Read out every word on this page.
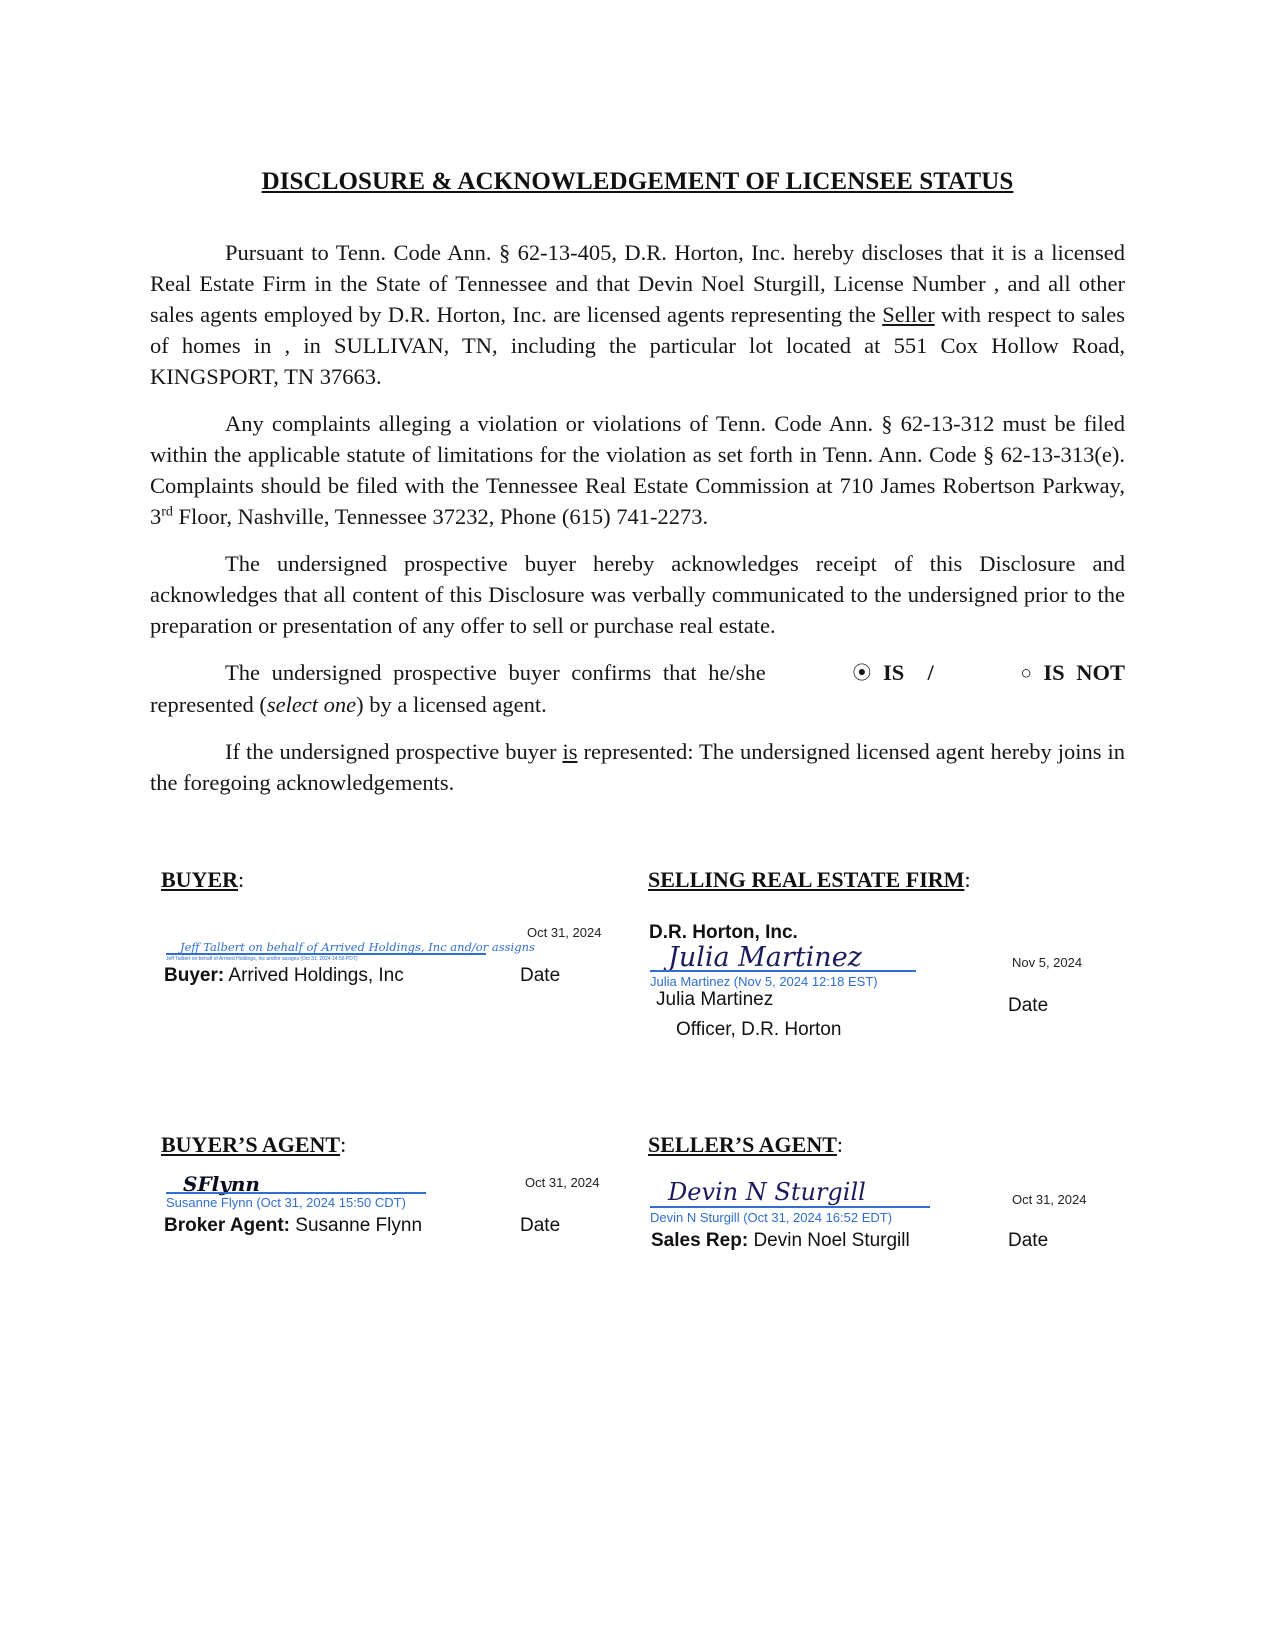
DISCLOSURE & ACKNOWLEDGEMENT OF LICENSEE STATUS

Pursuant to Tenn. Code Ann. § 62-13-405, D.R. Horton, Inc. hereby discloses that it is a licensed Real Estate Firm in the State of Tennessee and that Devin Noel Sturgill, License Number , and all other sales agents employed by D.R. Horton, Inc. are licensed agents representing the Seller with respect to sales of homes in , in SULLIVAN, TN, including the particular lot located at 551 Cox Hollow Road, KINGSPORT, TN 37663.

Any complaints alleging a violation or violations of Tenn. Code Ann. § 62-13-312 must be filed within the applicable statute of limitations for the violation as set forth in Tenn. Ann. Code § 62-13-313(e). Complaints should be filed with the Tennessee Real Estate Commission at 710 James Robertson Parkway, 3rd Floor, Nashville, Tennessee 37232, Phone (615) 741-2273.

The undersigned prospective buyer hereby acknowledges receipt of this Disclosure and acknowledges that all content of this Disclosure was verbally communicated to the undersigned prior to the preparation or presentation of any offer to sell or purchase real estate.

The undersigned prospective buyer confirms that he/she	⦿ IS /	○ IS NOT represented (select one) by a licensed agent.

If the undersigned prospective buyer is represented: The undersigned licensed agent hereby joins in the foregoing acknowledgements.

BUYER:
Oct 31, 2024
Jeff Talbert on behalf of Arrived Holdings, Inc and/or assigns
Jeff Talbert on behalf of Arrived Holdings, Inc and/or assigns (Oct 31, 2024 14:56 PDT)
Buyer: Arrived Holdings, Inc	Date
SELLING REAL ESTATE FIRM:
D.R. Horton, Inc.
Julia Martinez
Julia Martinez (Nov 5, 2024 12:18 EST)
Nov 5, 2024
Julia Martinez
Officer, D.R. Horton
Date
BUYER’S AGENT:
Oct 31, 2024
SFlynn
Susanne Flynn (Oct 31, 2024 15:50 CDT)
Broker Agent: Susanne Flynn	Date
SELLER’S AGENT:
Devin N Sturgill
Devin N Sturgill (Oct 31, 2024 16:52 EDT)
Oct 31, 2024
Sales Rep: Devin Noel Sturgill	Date
